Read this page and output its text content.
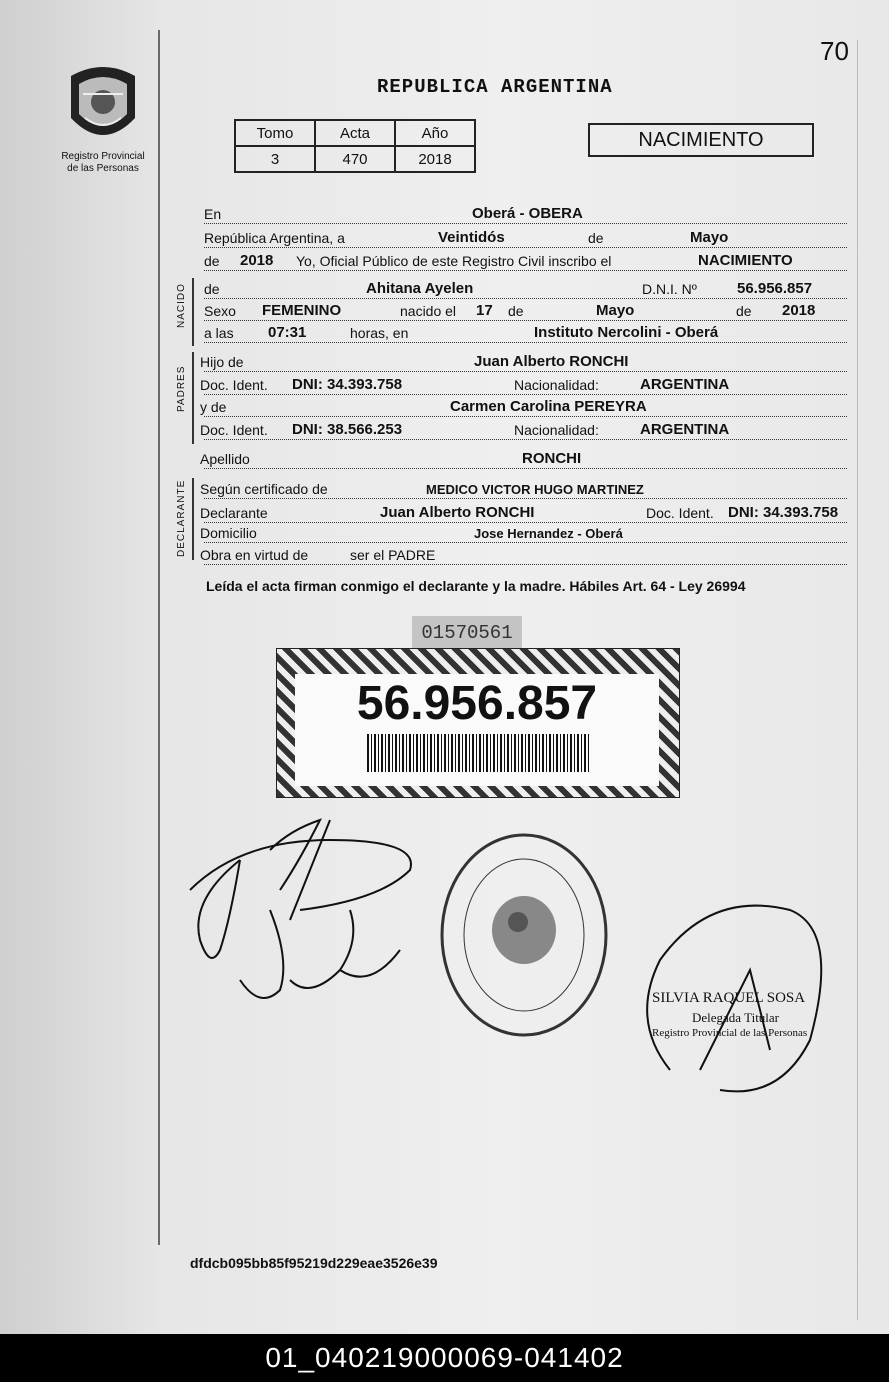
70
Registro Provincial
de las Personas
REPUBLICA ARGENTINA
Tomo	Acta	Año
3	470	2018
NACIMIENTO
En	Oberá - OBERA
República Argentina, a	Veintidós	de	Mayo
de 2018 Yo, Oficial Público de este Registro Civil inscribo el	NACIMIENTO
NACIDO de	Ahitana Ayelen	D.N.I. Nº	56.956.857
Sexo FEMENINO	nacido el 17 de	Mayo	de 2018
a las 07:31	horas, en	Instituto Nercolini - Oberá
PADRES
Hijo de	Juan Alberto RONCHI
Doc. Ident. DNI: 34.393.758	Nacionalidad:	ARGENTINA
y de	Carmen Carolina PEREYRA
Doc. Ident. DNI: 38.566.253	Nacionalidad:	ARGENTINA
Apellido	RONCHI
DECLARANTE Según certificado de	MEDICO VICTOR HUGO MARTINEZ
Declarante	Juan Alberto RONCHI	Doc. Ident. DNI: 34.393.758
Domicilio	Jose Hernandez - Oberá
Obra en virtud de	ser el PADRE
Leída el acta firman conmigo el declarante y la madre. Hábiles Art. 64 - Ley 26994
01570561
56.956.857
SILVIA RAQUEL SOSA
Delegada Titular
Registro Provincial de las Personas
dfdcb095bb85f95219d229eae3526e39
01_040219000069-041402
